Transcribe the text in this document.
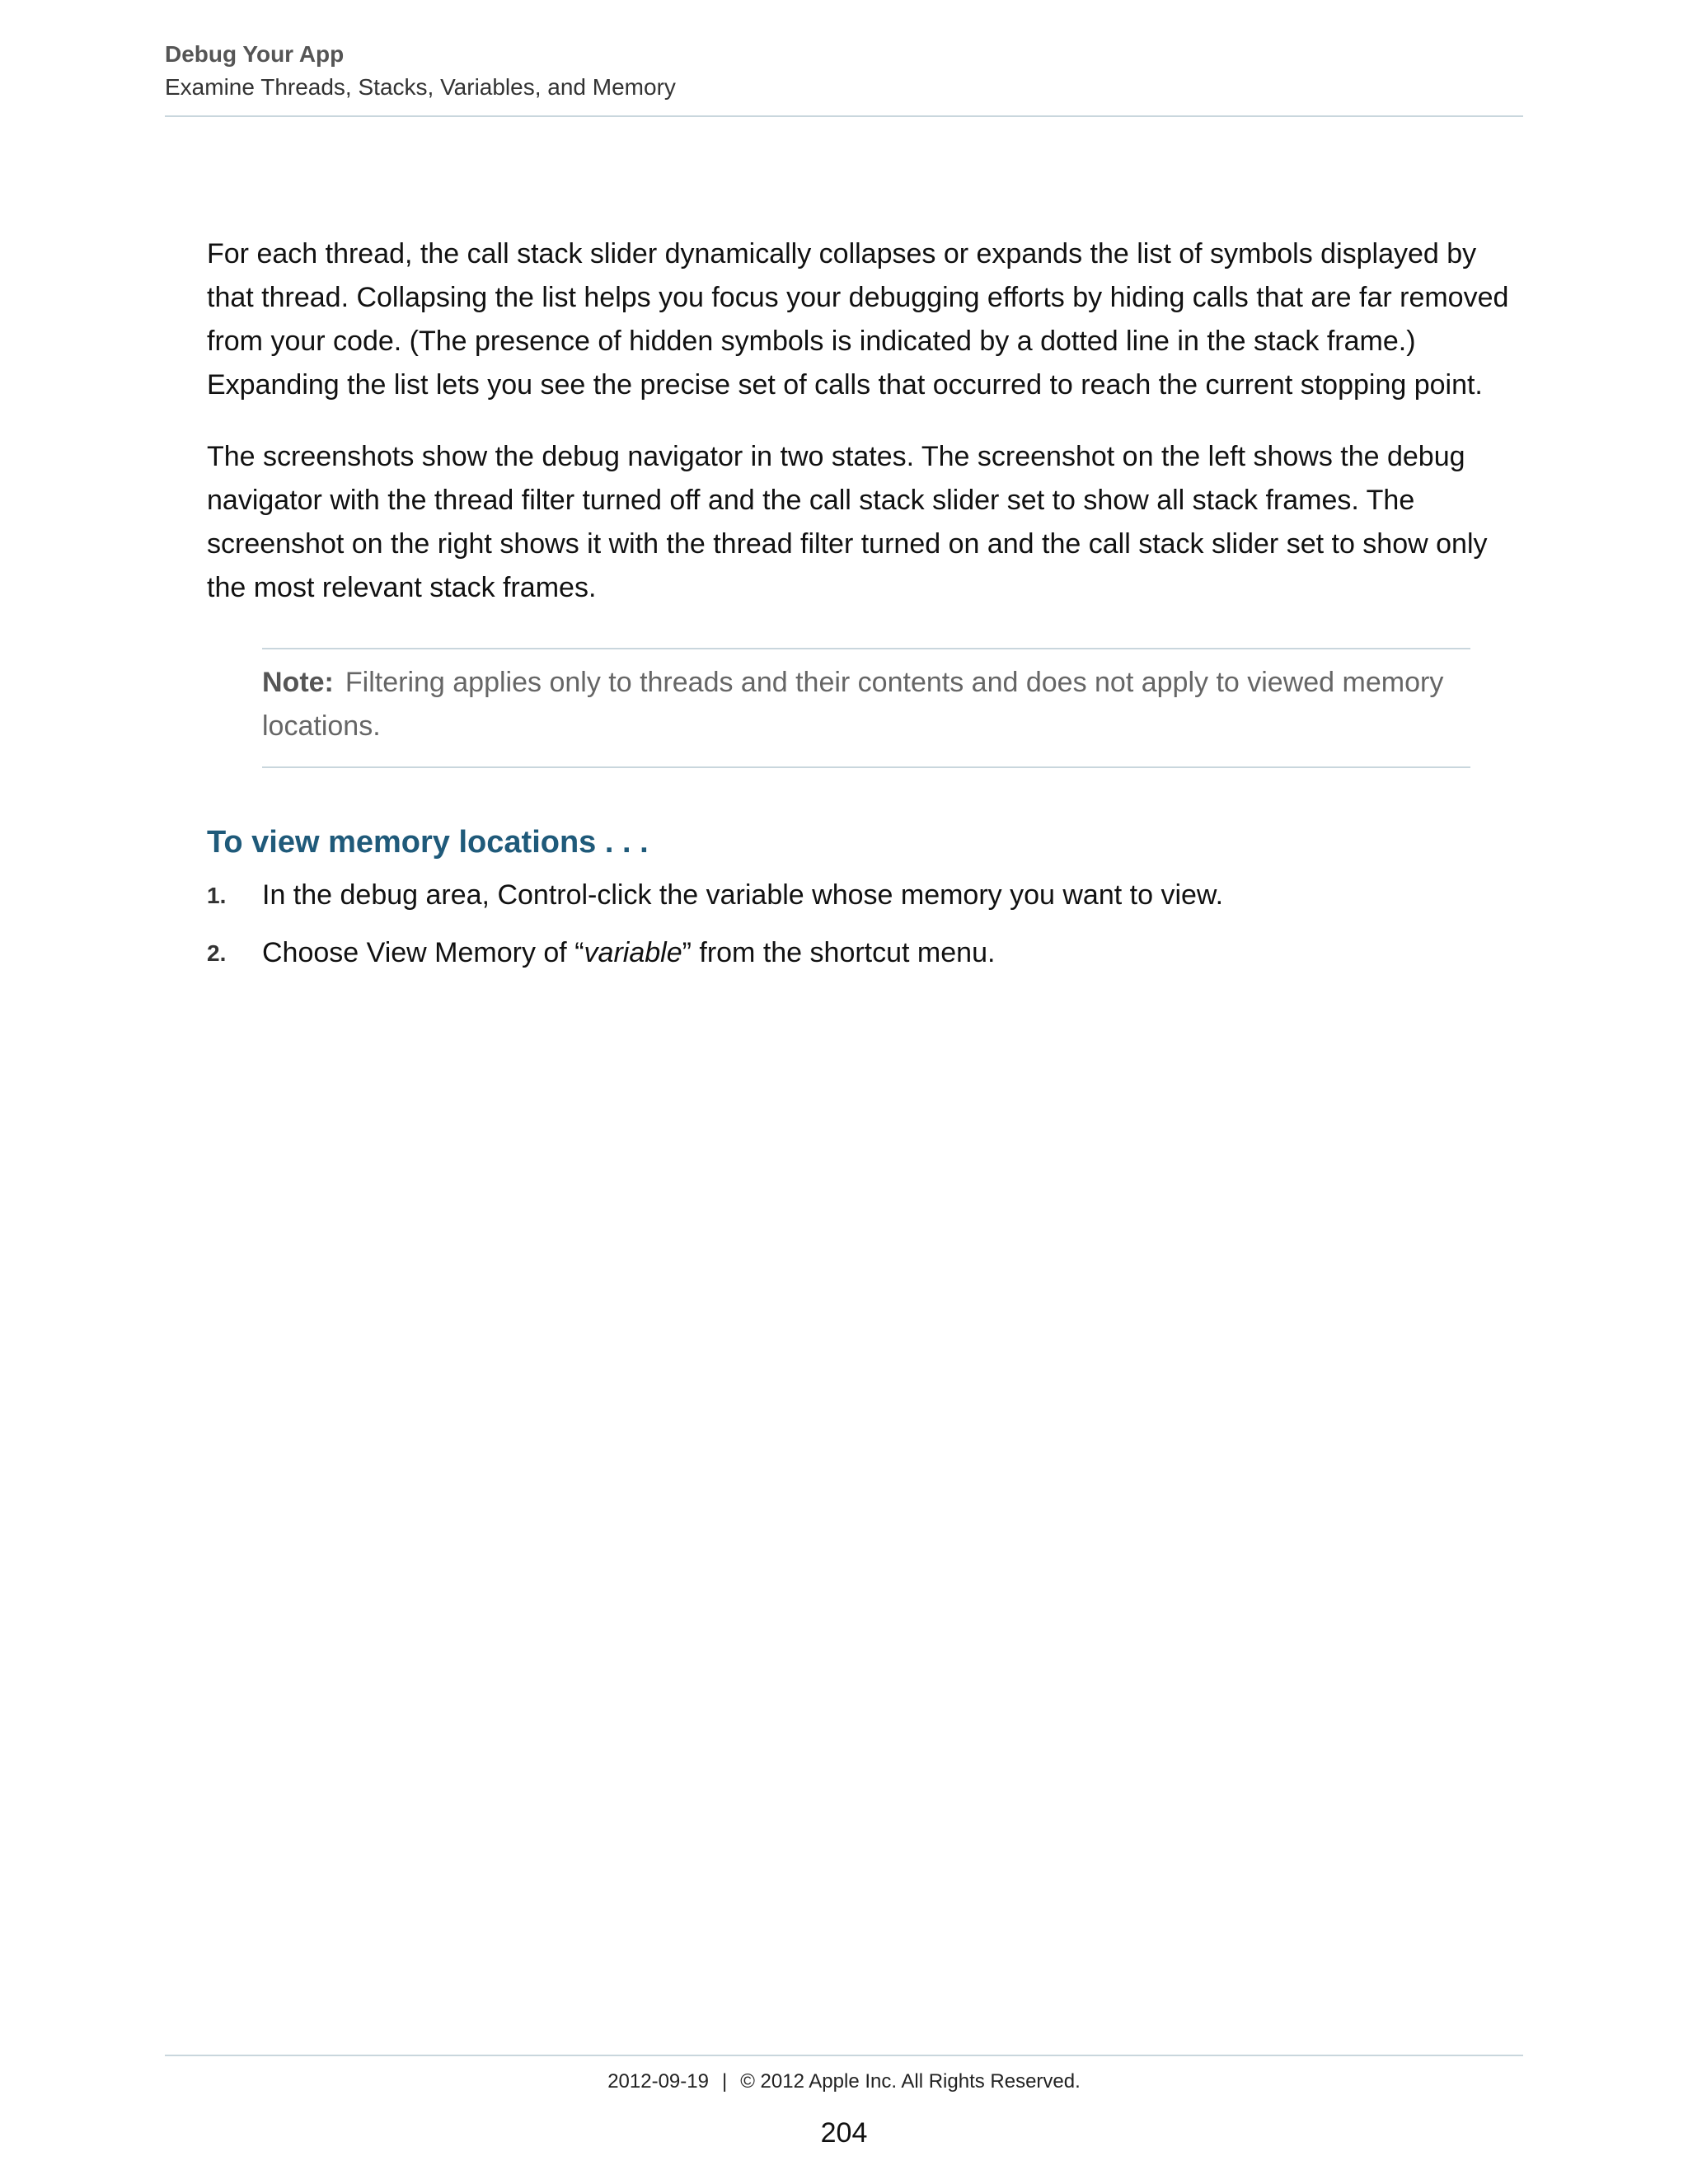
Debug Your App
Examine Threads, Stacks, Variables, and Memory

For each thread, the call stack slider dynamically collapses or expands the list of symbols displayed by that thread. Collapsing the list helps you focus your debugging efforts by hiding calls that are far removed from your code. (The presence of hidden symbols is indicated by a dotted line in the stack frame.) Expanding the list lets you see the precise set of calls that occurred to reach the current stopping point.

The screenshots show the debug navigator in two states. The screenshot on the left shows the debug navigator with the thread filter turned off and the call stack slider set to show all stack frames. The screenshot on the right shows it with the thread filter turned on and the call stack slider set to show only the most relevant stack frames.

Note: Filtering applies only to threads and their contents and does not apply to viewed memory locations.
To view memory locations . . .
1.	In the debug area, Control-click the variable whose memory you want to view.
2.	Choose View Memory of “variable” from the shortcut menu.
2012-09-19 | © 2012 Apple Inc. All Rights Reserved.
204
